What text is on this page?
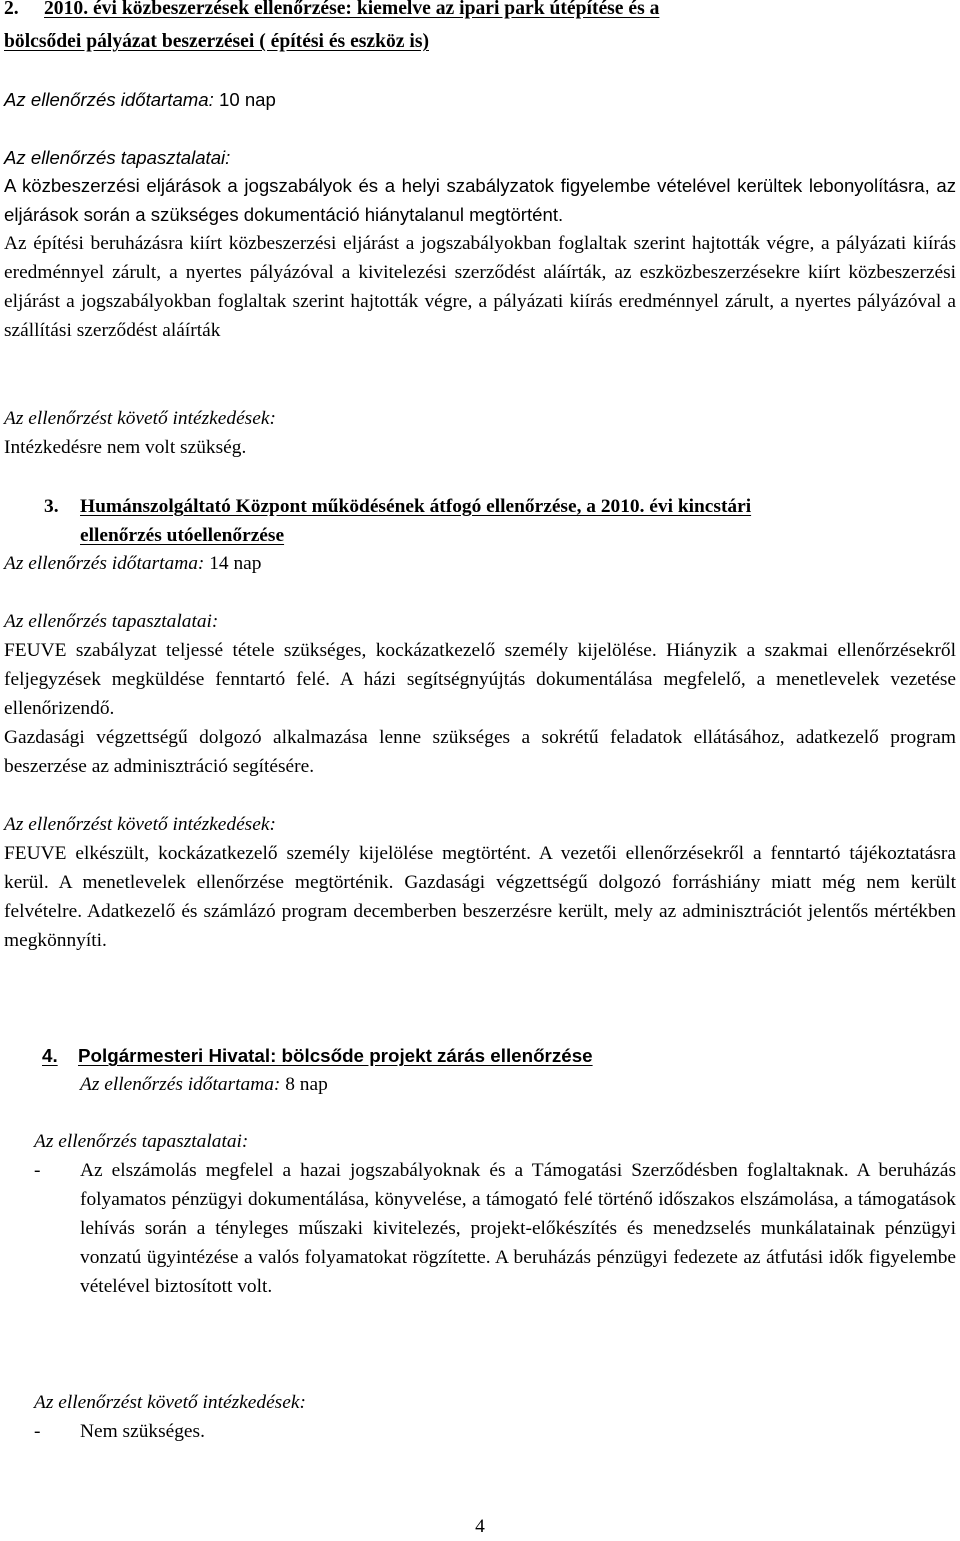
2. 2010. évi közbeszerzések ellenőrzése: kiemelve az ipari park útépítése és a
bölcsődei pályázat beszerzései ( építési és eszköz is)
Az ellenőrzés időtartama: 10 nap
Az ellenőrzés tapasztalatai:

A közbeszerzési eljárások a jogszabályok és a helyi szabályzatok figyelembe vételével kerültek lebonyolításra, az eljárások során a szükséges dokumentáció hiánytalanul megtörtént.

Az építési beruházásra kiírt közbeszerzési eljárást a jogszabályokban foglaltak szerint hajtották végre, a pályázati kiírás eredménnyel zárult, a nyertes pályázóval a kivitelezési szerződést aláírták, az eszközbeszerzésekre kiírt közbeszerzési eljárást a jogszabályokban foglaltak szerint hajtották végre, a pályázati kiírás eredménnyel zárult, a nyertes pályázóval a szállítási szerződést aláírták

Az ellenőrzést követő intézkedések:
Intézkedésre nem volt szükség.
3.	Humánszolgáltató Központ működésének átfogó ellenőrzése, a 2010. évi kincstári
ellenőrzés utóellenőrzése
Az ellenőrzés időtartama: 14 nap
Az ellenőrzés tapasztalatai:

FEUVE szabályzat teljessé tétele szükséges, kockázatkezelő személy kijelölése. Hiányzik a szakmai ellenőrzésekről feljegyzések megküldése fenntartó felé. A házi segítségnyújtás dokumentálása megfelelő, a menetlevelek vezetése ellenőrizendő.

Gazdasági végzettségű dolgozó alkalmazása lenne szükséges a sokrétű feladatok ellátásához, adatkezelő program beszerzése az adminisztráció segítésére.

Az ellenőrzést követő intézkedések:

FEUVE elkészült, kockázatkezelő személy kijelölése megtörtént. A vezetői ellenőrzésekről a fenntartó tájékoztatásra kerül. A menetlevelek ellenőrzése megtörténik. Gazdasági végzettségű dolgozó forráshiány miatt még nem került felvételre. Adatkezelő és számlázó program decemberben beszerzésre került, mely az adminisztrációt jelentős mértékben megkönnyíti.

4. Polgármesteri Hivatal: bölcsőde projekt zárás ellenőrzése
Az ellenőrzés időtartama: 8 nap
Az ellenőrzés tapasztalatai:
-	Az elszámolás megfelel a hazai jogszabályoknak és a Támogatási Szerződésben foglaltaknak. A beruházás folyamatos pénzügyi dokumentálása, könyvelése, a támogató felé történő időszakos elszámolása, a támogatások lehívás során a tényleges műszaki kivitelezés, projekt-előkészítés és menedzselés munkálatainak pénzügyi vonzatú ügyintézése a valós folyamatokat rögzítette. A beruházás pénzügyi fedezete az átfutási idők figyelembe vételével biztosított volt.
Az ellenőrzést követő intézkedések:
-	Nem szükséges.
4
